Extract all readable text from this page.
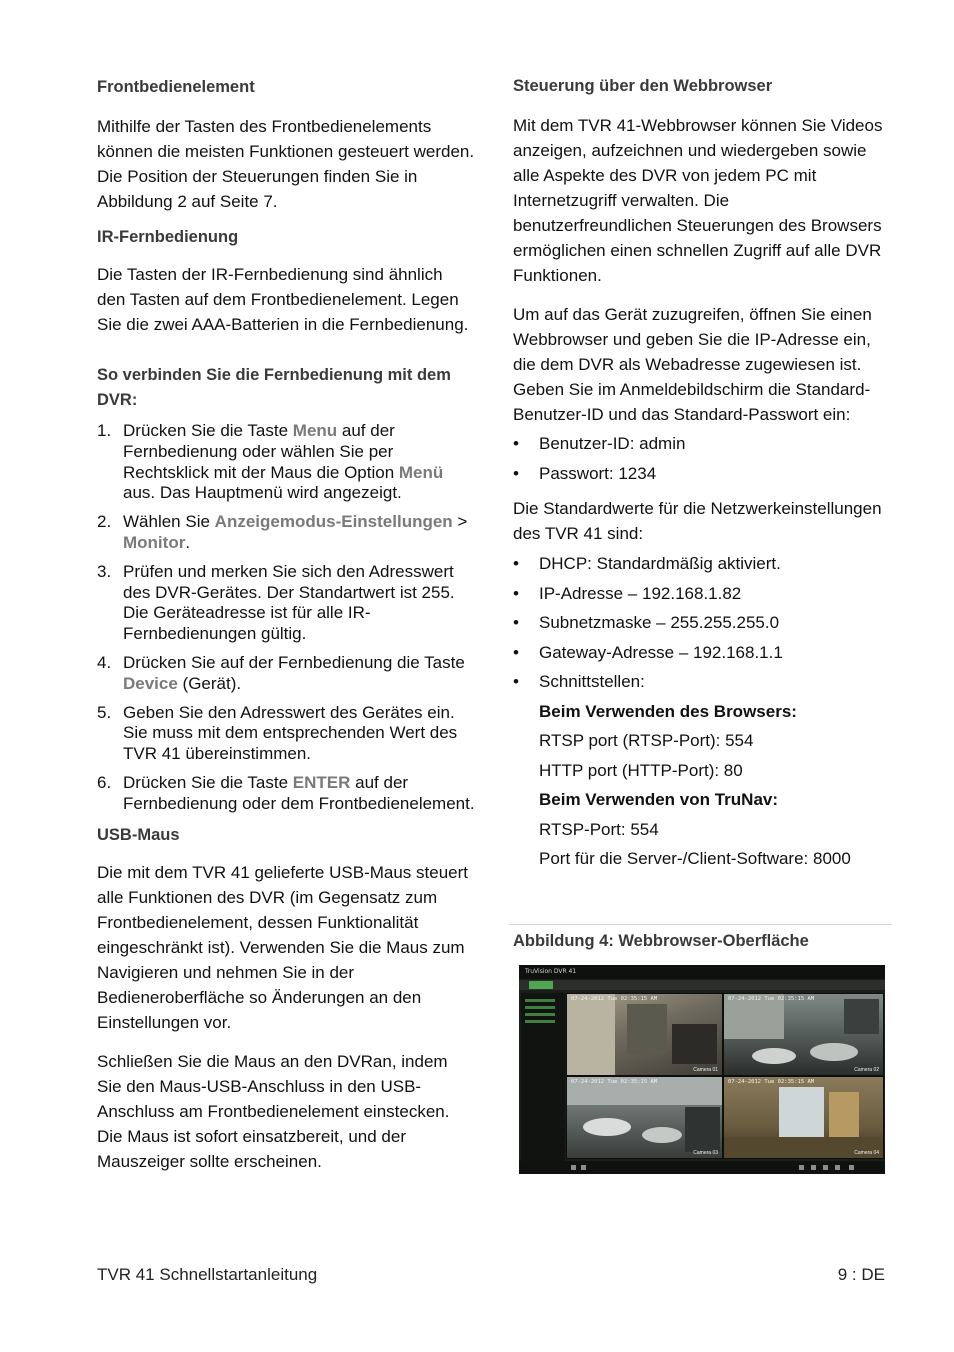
Frontbedienelement

Mithilfe der Tasten des Frontbedienelements können die meisten Funktionen gesteuert werden. Die Position der Steuerungen finden Sie in Abbildung 2 auf Seite 7.

IR-Fernbedienung

Die Tasten der IR-Fernbedienung sind ähnlich den Tasten auf dem Frontbedienelement. Legen Sie die zwei AAA-Batterien in die Fernbedienung.

So verbinden Sie die Fernbedienung mit dem DVR:

1. Drücken Sie die Taste Menu auf der Fernbedienung oder wählen Sie per Rechtsklick mit der Maus die Option Menü aus. Das Hauptmenü wird angezeigt.
2. Wählen Sie Anzeigemodus-Einstellungen > Monitor.
3. Prüfen und merken Sie sich den Adresswert des DVR-Gerätes. Der Standartwert ist 255. Die Geräteadresse ist für alle IR-Fernbedienungen gültig.
4. Drücken Sie auf der Fernbedienung die Taste Device (Gerät).
5. Geben Sie den Adresswert des Gerätes ein. Sie muss mit dem entsprechenden Wert des TVR 41 übereinstimmen.
6. Drücken Sie die Taste ENTER auf der Fernbedienung oder dem Frontbedienelement.

USB-Maus

Die mit dem TVR 41 gelieferte USB-Maus steuert alle Funktionen des DVR (im Gegensatz zum Frontbedienelement, dessen Funktionalität eingeschränkt ist). Verwenden Sie die Maus zum Navigieren und nehmen Sie in der Bedieneroberfläche so Änderungen an den Einstellungen vor.

Schließen Sie die Maus an den DVRan, indem Sie den Maus-USB-Anschluss in den USB-Anschluss am Frontbedienelement einstecken. Die Maus ist sofort einsatzbereit, und der Mauszeiger sollte erscheinen.

Steuerung über den Webbrowser

Mit dem TVR 41-Webbrowser können Sie Videos anzeigen, aufzeichnen und wiedergeben sowie alle Aspekte des DVR von jedem PC mit Internetzugriff verwalten. Die benutzerfreundlichen Steuerungen des Browsers ermöglichen einen schnellen Zugriff auf alle DVR Funktionen.

Um auf das Gerät zuzugreifen, öffnen Sie einen Webbrowser und geben Sie die IP-Adresse ein, die dem DVR als Webadresse zugewiesen ist. Geben Sie im Anmeldebildschirm die Standard-Benutzer-ID und das Standard-Passwort ein:

• Benutzer-ID: admin
• Passwort: 1234

Die Standardwerte für die Netzwerkeinstellungen des TVR 41 sind:

• DHCP: Standardmäßig aktiviert.
• IP-Adresse – 192.168.1.82
• Subnetzmaske – 255.255.255.0
• Gateway-Adresse – 192.168.1.1
• Schnittstellen:
Beim Verwenden des Browsers:
RTSP port (RTSP-Port): 554
HTTP port (HTTP-Port): 80
Beim Verwenden von TruNav:
RTSP-Port: 554
Port für die Server-/Client-Software: 8000

Abbildung 4: Webbrowser-Oberfläche

TruVision DVR 41
07-24-2012 Tue 02:35:15 AM
Camera 01
07-24-2012 Tue 02:35:15 AM
Camera 02
07-24-2012 Tue 02:35:15 AM
Camera 03
07-24-2012 Tue 02:35:15 AM
Camera 04
TVR 41 Schnellstartanleitung	9 : DE
